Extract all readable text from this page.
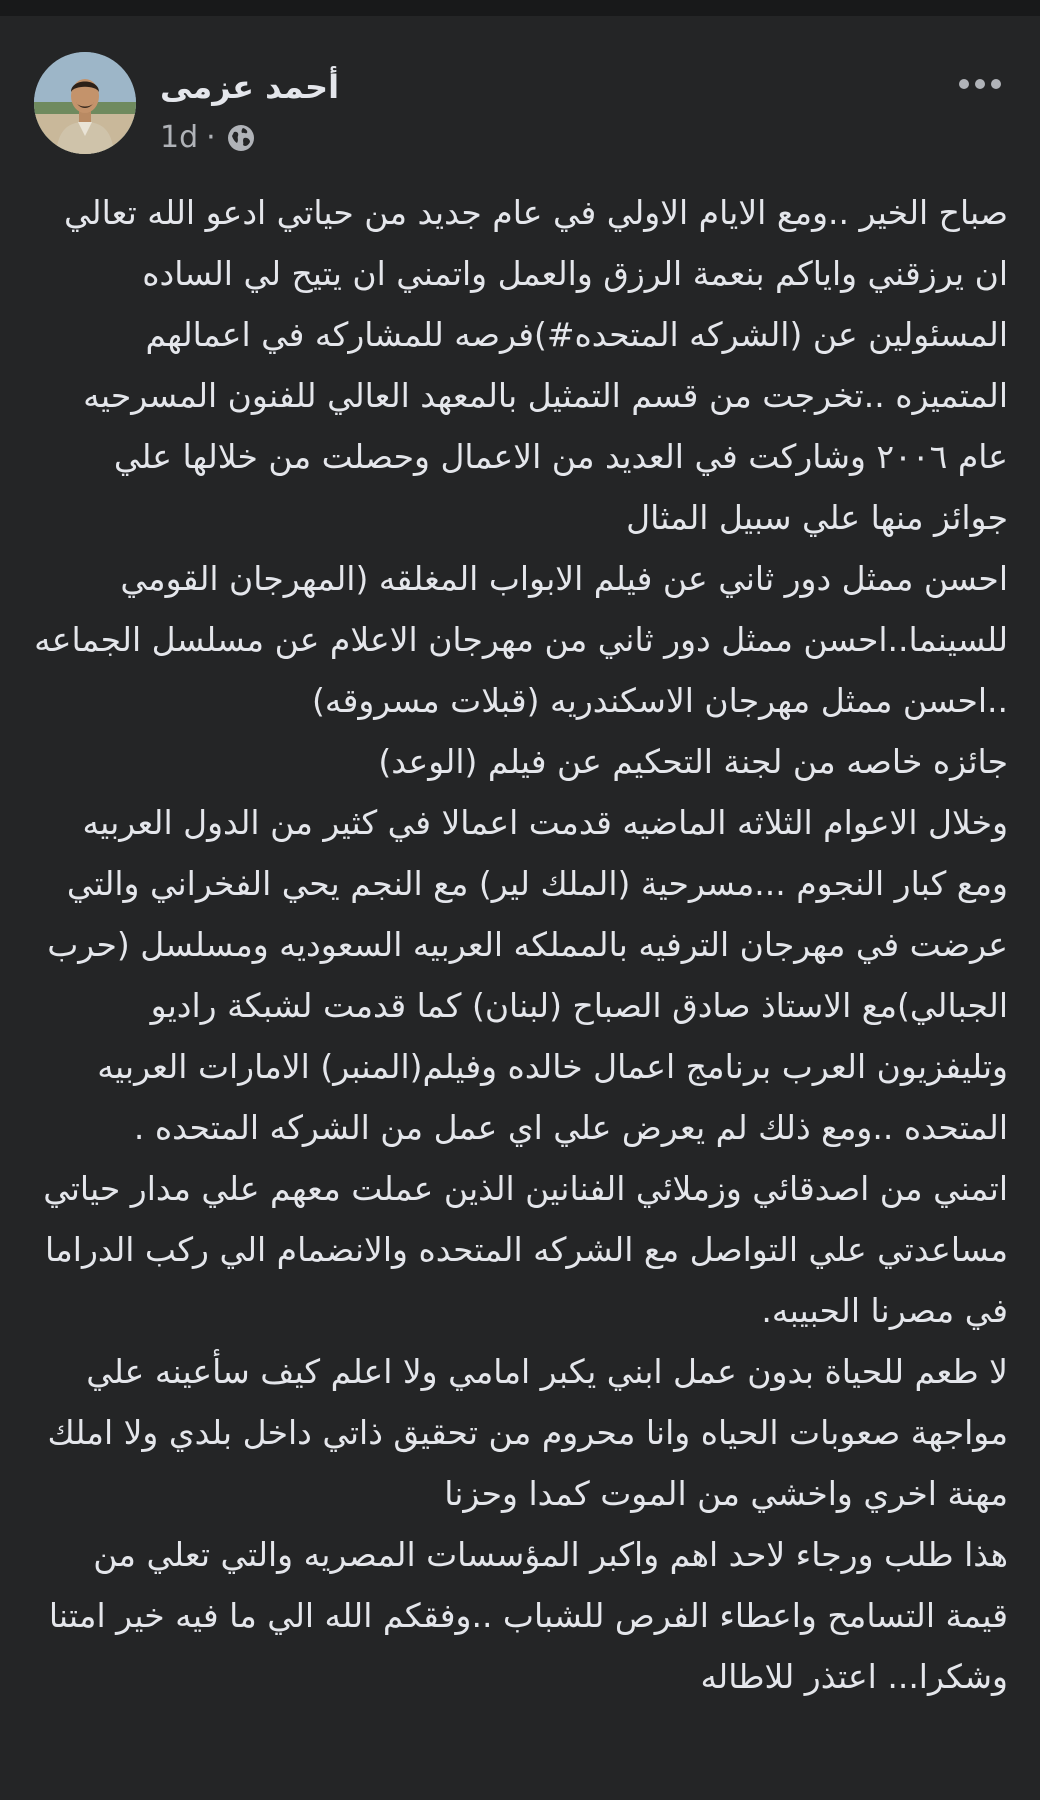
أحمد عزمى
1d ·

صباح الخير ..ومع الايام الاولي في عام جديد من حياتي ادعو الله تعالي ان يرزقني واياكم بنعمة الرزق والعمل واتمني ان يتيح لي الساده المسئولين عن (الشركه المتحده#)فرصه للمشاركه في اعمالهم المتميزه ..تخرجت من قسم التمثيل بالمعهد العالي للفنون المسرحيه عام ٢٠٠٦ وشاركت في العديد من الاعمال وحصلت من خلالها علي جوائز منها علي سبيل المثال

احسن ممثل دور ثاني عن فيلم الابواب المغلقه (المهرجان القومي للسينما..احسن ممثل دور ثاني من مهرجان الاعلام عن مسلسل الجماعه ..احسن ممثل مهرجان الاسكندريه (قبلات مسروقه)

جائزه خاصه من لجنة التحكيم عن فيلم (الوعد)

وخلال الاعوام الثلاثه الماضيه قدمت اعمالا في كثير من الدول العربيه ومع كبار النجوم ...مسرحية (الملك لير) مع النجم يحي الفخراني والتي عرضت في مهرجان الترفيه بالمملكه العربيه السعوديه ومسلسل (حرب الجبالي)مع الاستاذ صادق الصباح (لبنان) كما قدمت لشبكة راديو وتليفزيون العرب برنامج اعمال خالده وفيلم(المنبر) الامارات العربيه المتحده ..ومع ذلك لم يعرض علي اي عمل من الشركه المتحده .

اتمني من اصدقائي وزملائي الفنانين الذين عملت معهم علي مدار حياتي مساعدتي علي التواصل مع الشركه المتحده والانضمام الي ركب الدراما في مصرنا الحبيبه.

لا طعم للحياة بدون عمل ابني يكبر امامي ولا اعلم كيف سأعينه علي مواجهة صعوبات الحياه وانا محروم من تحقيق ذاتي داخل بلدي ولا املك مهنة اخري واخشي من الموت كمدا وحزنا

هذا طلب ورجاء لاحد اهم واكبر المؤسسات المصريه والتي تعلي من قيمة التسامح واعطاء الفرص للشباب ..وفقكم الله الي ما فيه خير امتنا وشكرا... اعتذر للاطاله
